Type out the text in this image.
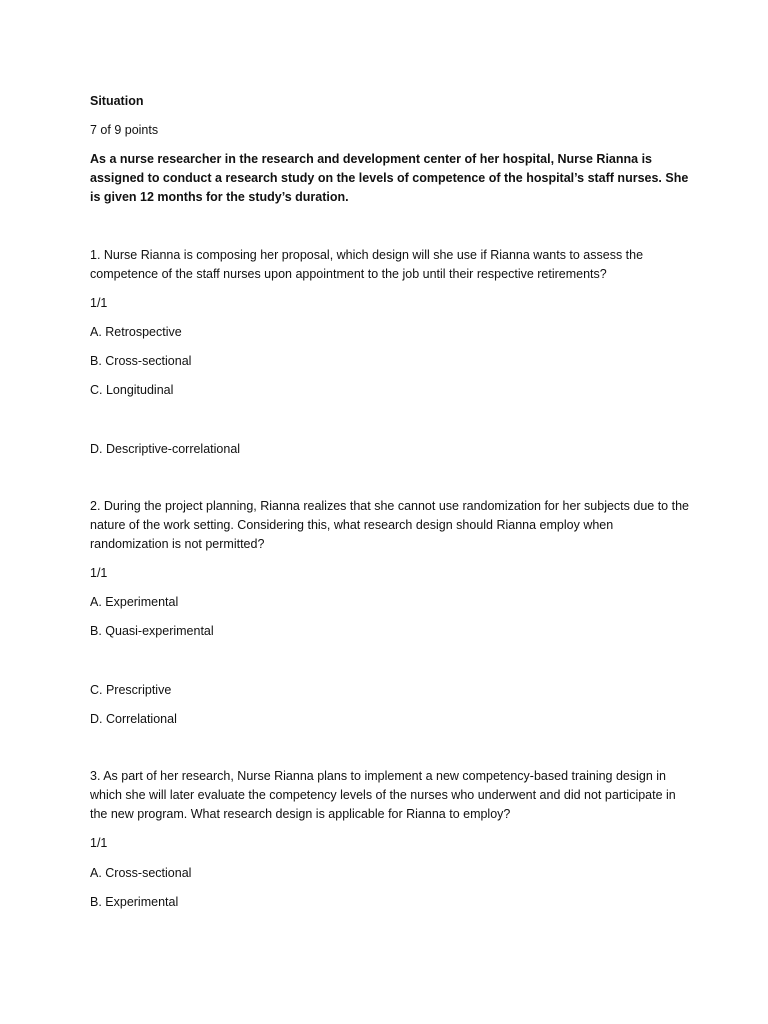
Situation

7 of 9 points

As a nurse researcher in the research and development center of her hospital, Nurse Rianna is assigned to conduct a research study on the levels of competence of the hospital’s staff nurses. She is given 12 months for the study’s duration.

1. Nurse Rianna is composing her proposal, which design will she use if Rianna wants to assess the competence of the staff nurses upon appointment to the job until their respective retirements?

1/1

A. Retrospective

B. Cross-sectional

C. Longitudinal

D. Descriptive-correlational

2. During the project planning, Rianna realizes that she cannot use randomization for her subjects due to the nature of the work setting. Considering this, what research design should Rianna employ when randomization is not permitted?

1/1

A. Experimental

B. Quasi-experimental

C. Prescriptive

D. Correlational

3. As part of her research, Nurse Rianna plans to implement a new competency-based training design in which she will later evaluate the competency levels of the nurses who underwent and did not participate in the new program. What research design is applicable for Rianna to employ?

1/1

A. Cross-sectional

B. Experimental
